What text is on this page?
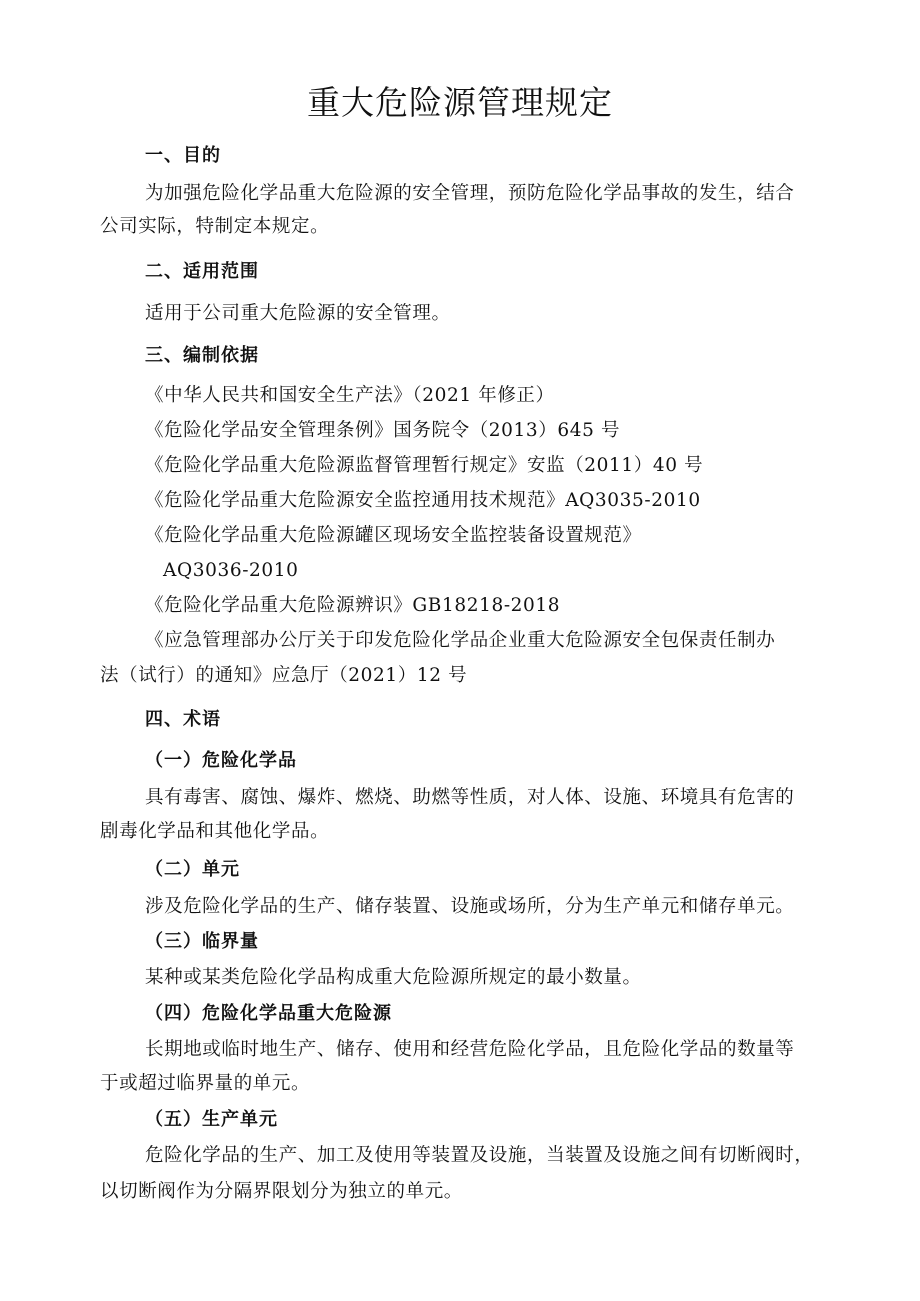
重大危险源管理规定
一、目的
为加强危险化学品重大危险源的安全管理，预防危险化学品事故的发生，结合
公司实际，特制定本规定。
二、适用范围
适用于公司重大危险源的安全管理。
三、编制依据
《中华人民共和国安全生产法》（2021 年修正）
《危险化学品安全管理条例》国务院令（2013）645 号
《危险化学品重大危险源监督管理暂行规定》安监（2011）40 号
《危险化学品重大危险源安全监控通用技术规范》AQ3035-2010
《危险化学品重大危险源罐区现场安全监控装备设置规范》
AQ3036-2010
《危险化学品重大危险源辨识》GB18218-2018
《应急管理部办公厅关于印发危险化学品企业重大危险源安全包保责任制办
法（试行）的通知》应急厅（2021）12 号
四、术语
（一）危险化学品
具有毒害、腐蚀、爆炸、燃烧、助燃等性质，对人体、设施、环境具有危害的
剧毒化学品和其他化学品。
（二）单元
涉及危险化学品的生产、储存装置、设施或场所，分为生产单元和储存单元。
（三）临界量
某种或某类危险化学品构成重大危险源所规定的最小数量。
（四）危险化学品重大危险源
长期地或临时地生产、储存、使用和经营危险化学品，且危险化学品的数量等
于或超过临界量的单元。
（五）生产单元
危险化学品的生产、加工及使用等装置及设施，当装置及设施之间有切断阀时，
以切断阀作为分隔界限划分为独立的单元。
